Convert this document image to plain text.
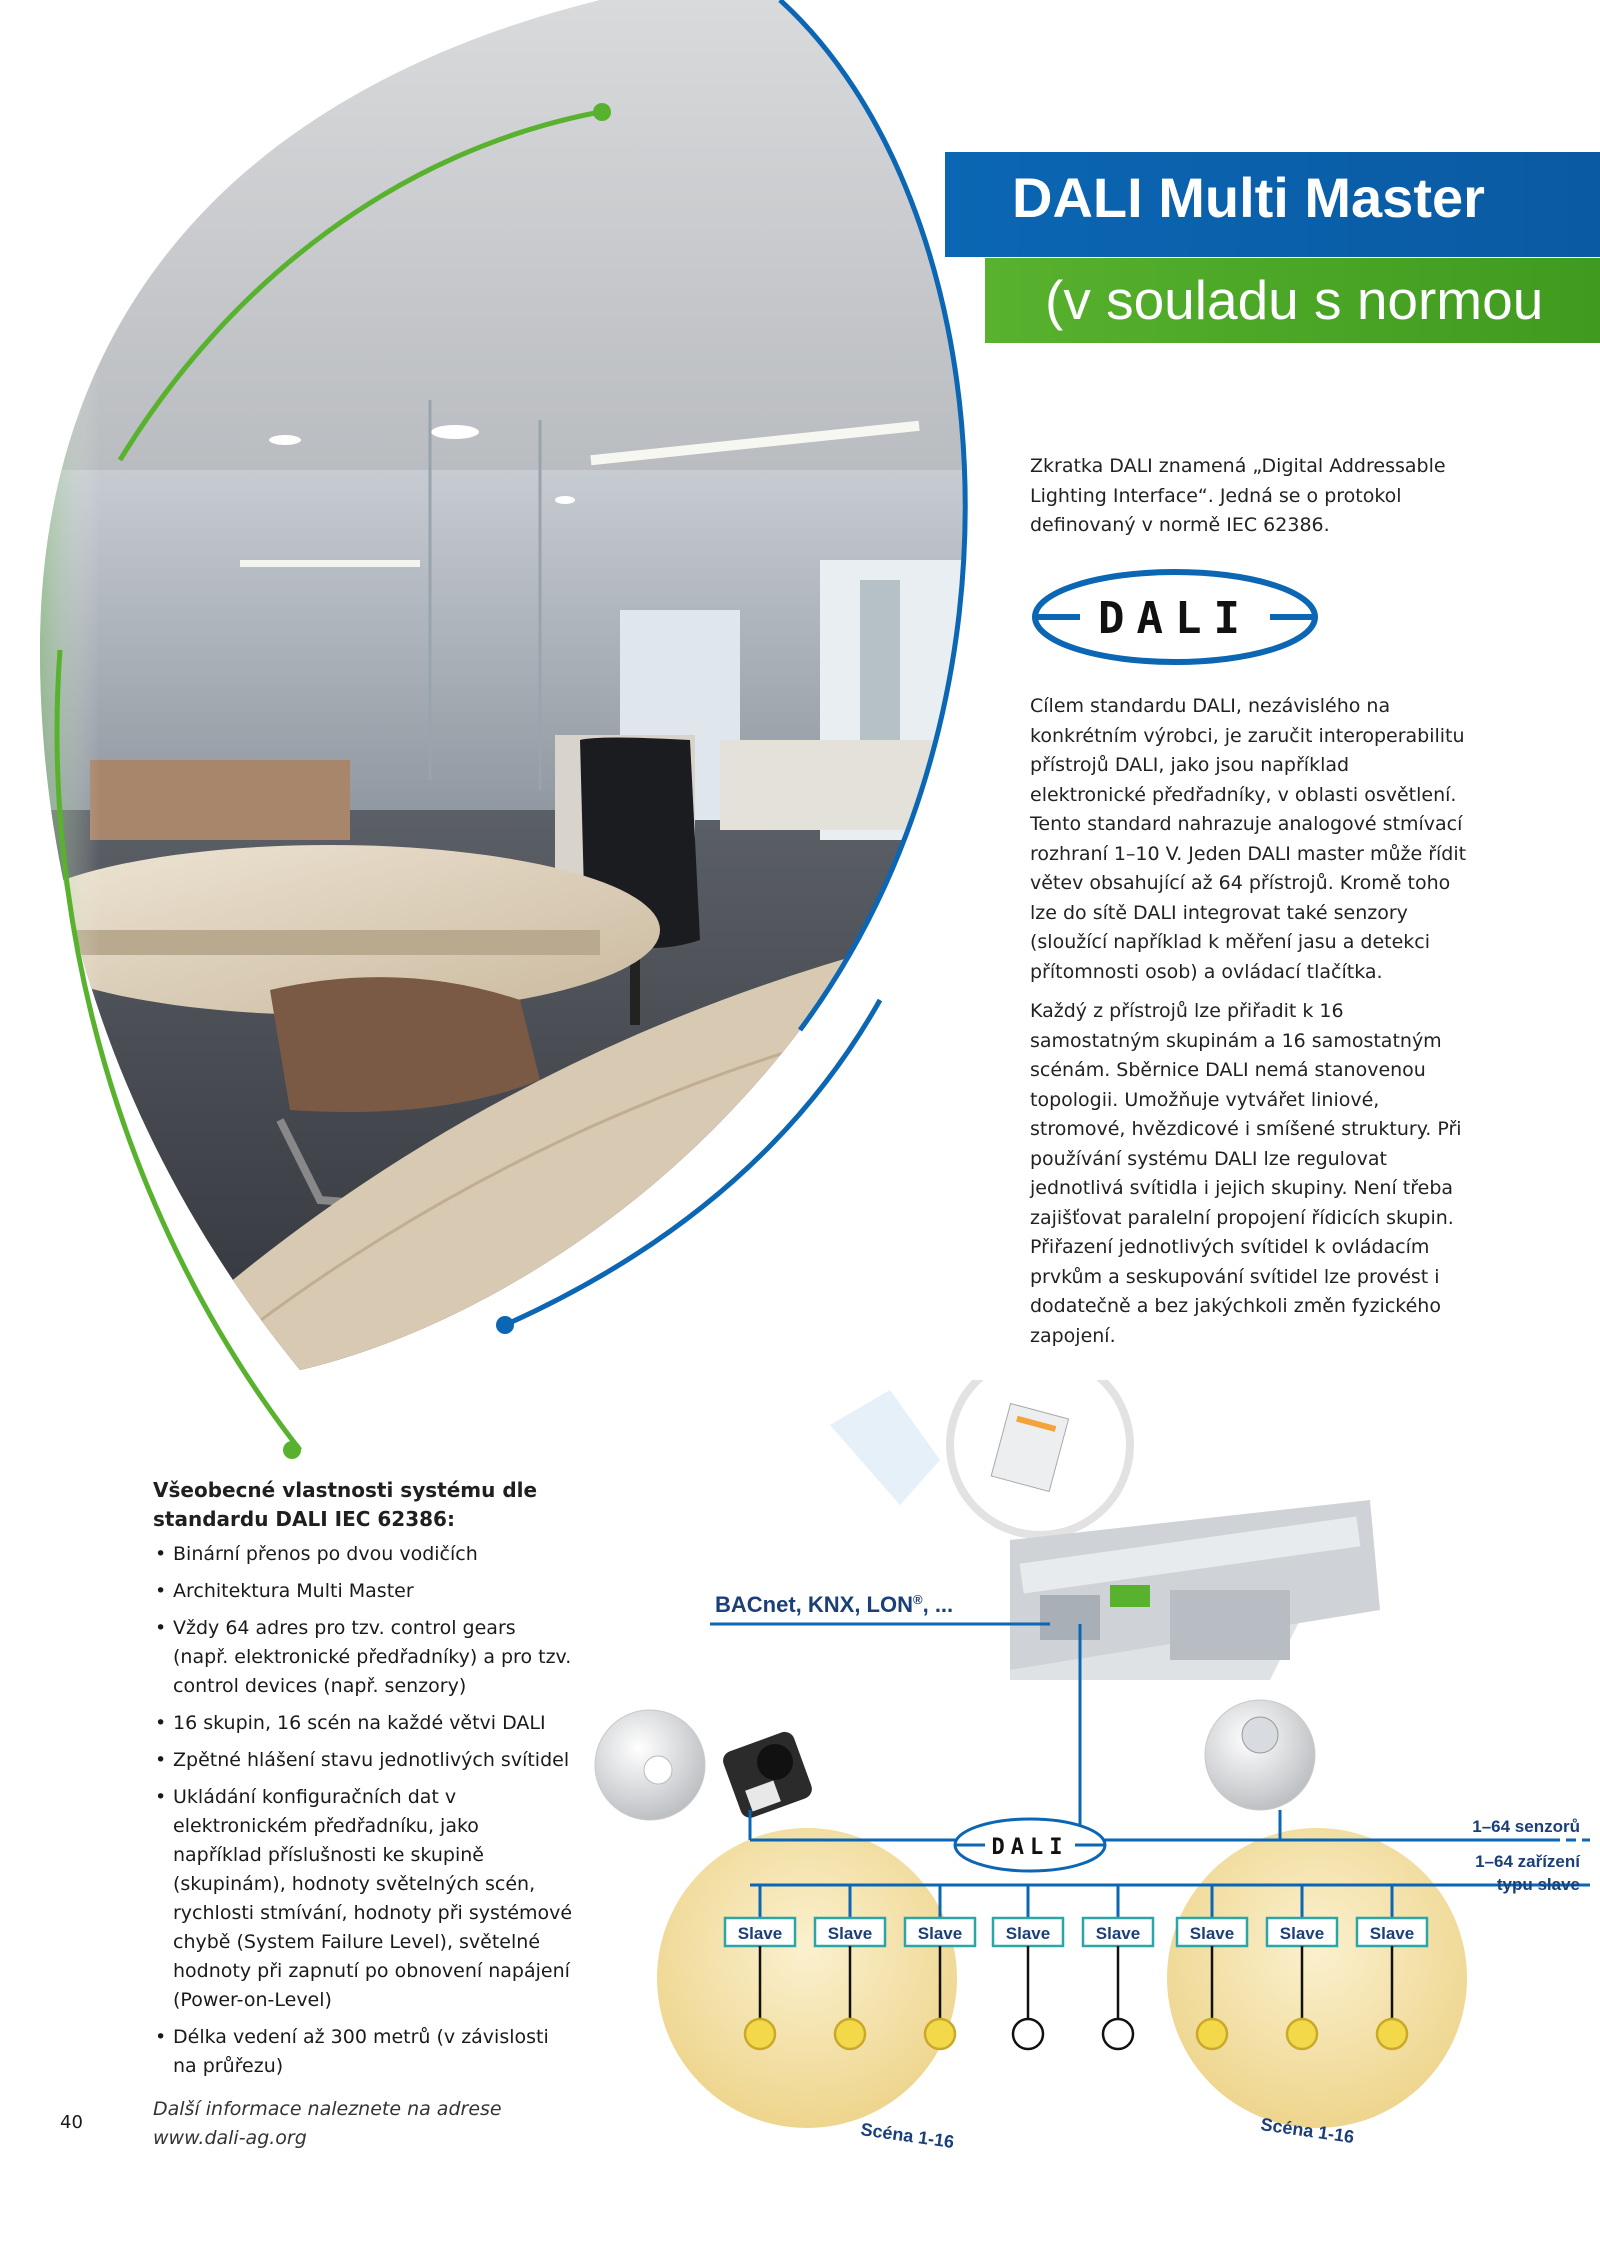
DALI Multi Master
(v souladu s normou
Zkratka DALI znamená „Digital Addressable Lighting Interface“. Jedná se o protokol definovaný v normě IEC 62386.
DALI

Cílem standardu DALI, nezávislého na konkrétním výrobci, je zaručit interoperabilitu přístrojů DALI, jako jsou například elektronické předřadníky, v oblasti osvětlení. Tento standard nahrazuje analogové stmívací rozhraní 1–10 V. Jeden DALI master může řídit větev obsahující až 64 přístrojů. Kromě toho lze do sítě DALI integrovat také senzory (sloužící například k měření jasu a detekci přítomnosti osob) a ovládací tlačítka.

Každý z přístrojů lze přiřadit k 16 samostatným skupinám a 16 samostatným scénám. Sběrnice DALI nemá stanovenou topologii. Umožňuje vytvářet liniové, stromové, hvězdicové i smíšené struktury. Při používání systému DALI lze regulovat jednotlivá svítidla i jejich skupiny. Není třeba zajišťovat paralelní propojení řídicích skupin. Přiřazení jednotlivých svítidel k ovládacím prvkům a seskupování svítidel lze provést i dodatečně a bez jakýchkoli změn fyzického zapojení.

Všeobecné vlastnosti systému dle standardu DALI IEC 62386:
• Binární přenos po dvou vodičích
• Architektura Multi Master
• Vždy 64 adres pro tzv. control gears (např. elektronické předřadníky) a pro tzv. control devices (např. senzory)
• 16 skupin, 16 scén na každé větvi DALI
• Zpětné hlášení stavu jednotlivých svítidel
• Ukládání konfiguračních dat v elektronickém předřadníku, jako například příslušnosti ke skupině (skupinám), hodnoty světelných scén, rychlosti stmívání, hodnoty při systémové chybě (System Failure Level), světelné hodnoty při zapnutí po obnovení napájení (Power-on-Level)
• Délka vedení až 300 metrů (v závislosti na průřezu)
40
Další informace naleznete na adrese
www.dali-ag.org
BACnet, KNX, LON®, ...
DALI
1–64 senzorů
1–64 zařízení
typu slave
Slave	Slave	Slave	Slave	Slave	Slave	Slave	Slave
Scéna 1-16	Scéna 1-16
